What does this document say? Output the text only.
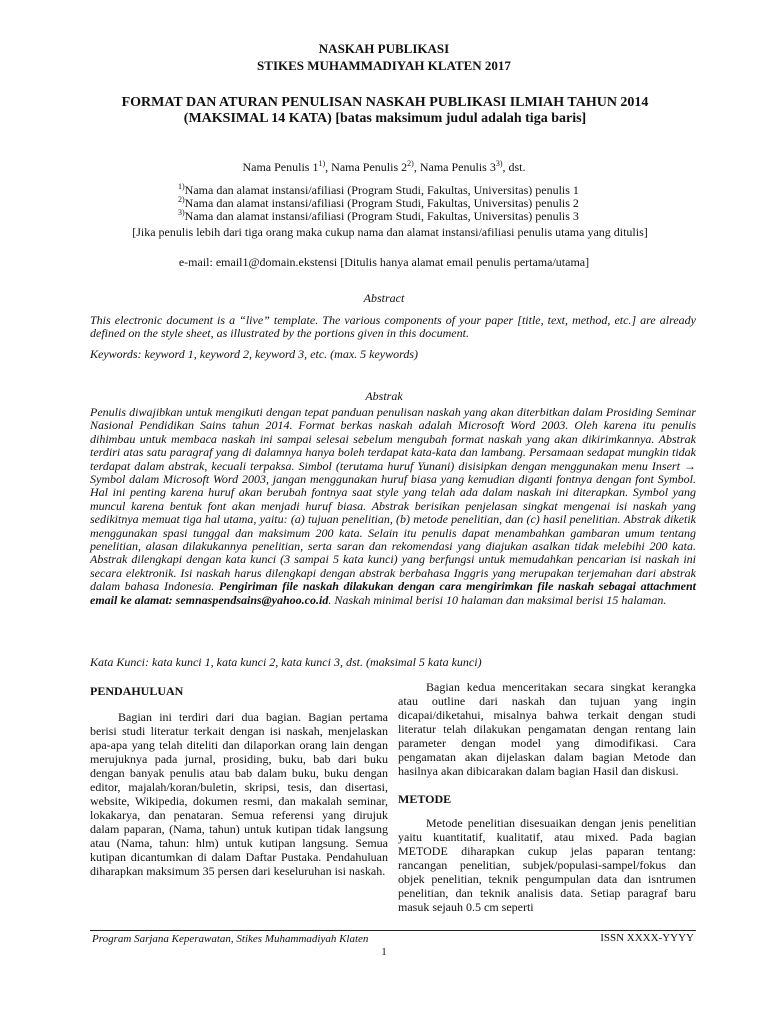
NASKAH PUBLIKASI
STIKES MUHAMMADIYAH KLATEN 2017
FORMAT DAN ATURAN PENULISAN NASKAH PUBLIKASI ILMIAH TAHUN 2014 (MAKSIMAL 14 KATA) [batas maksimum judul adalah tiga baris]
Nama Penulis 1$^{1)}$, Nama Penulis 2$^{2)}$, Nama Penulis 3$^{3)}$, dst.
$^{1)}$Nama dan alamat instansi/afiliasi (Program Studi, Fakultas, Universitas) penulis 1
$^{2)}$Nama dan alamat instansi/afiliasi (Program Studi, Fakultas, Universitas) penulis 2
$^{3)}$Nama dan alamat instansi/afiliasi (Program Studi, Fakultas, Universitas) penulis 3
[Jika penulis lebih dari tiga orang maka cukup nama dan alamat instansi/afiliasi penulis utama yang ditulis]
e-mail: email1@domain.ekstensi [Ditulis hanya alamat email penulis pertama/utama]
Abstract
This electronic document is a “live” template. The various components of your paper [title, text, method, etc.] are already defined on the style sheet, as illustrated by the portions given in this document.
Keywords: keyword 1, keyword 2, keyword 3, etc. (max. 5 keywords)
Abstrak
Penulis diwajibkan untuk mengikuti dengan tepat panduan penulisan naskah yang akan diterbitkan dalam Prosiding Seminar Nasional Pendidikan Sains tahun 2014. Format berkas naskah adalah Microsoft Word 2003. Oleh karena itu penulis dihimbau untuk membaca naskah ini sampai selesai sebelum mengubah format naskah yang akan dikirimkannya. Abstrak terdiri atas satu paragraf yang di dalamnya hanya boleh terdapat kata-kata dan lambang. Persamaan sedapat mungkin tidak terdapat dalam abstrak, kecuali terpaksa. Simbol (terutama huruf Yunani) disisipkan dengan menggunakan menu Insert → Symbol dalam Microsoft Word 2003, jangan menggunakan huruf biasa yang kemudian diganti fontnya dengan font Symbol. Hal ini penting karena huruf akan berubah fontnya saat style yang telah ada dalam naskah ini diterapkan. Symbol yang muncul karena bentuk font akan menjadi huruf biasa. Abstrak berisikan penjelasan singkat mengenai isi naskah yang sedikitnya memuat tiga hal utama, yaitu: (a) tujuan penelitian, (b) metode penelitian, dan (c) hasil penelitian. Abstrak diketik menggunakan spasi tunggal dan maksimum 200 kata. Selain itu penulis dapat menambahkan gambaran umum tentang penelitian, alasan dilakukannya penelitian, serta saran dan rekomendasi yang diajukan asalkan tidak melebihi 200 kata. Abstrak dilengkapi dengan kata kunci (3 sampai 5 kata kunci) yang berfungsi untuk memudahkan pencarian isi naskah ini secara elektronik. Isi naskah harus dilengkapi dengan abstrak berbahasa Inggris yang merupakan terjemahan dari abstrak dalam bahasa Indonesia. Pengiriman file naskah dilakukan dengan cara mengirimkan file naskah sebagai attachment email ke alamat: semnaspendsains@yahoo.co.id. Naskah minimal berisi 10 halaman dan maksimal berisi 15 halaman.
Kata Kunci: kata kunci 1, kata kunci 2, kata kunci 3, dst. (maksimal 5 kata kunci)
PENDAHULUAN

Bagian ini terdiri dari dua bagian. Bagian pertama berisi studi literatur terkait dengan isi naskah, menjelaskan apa-apa yang telah diteliti dan dilaporkan orang lain dengan merujuknya pada jurnal, prosiding, buku, bab dari buku dengan banyak penulis atau bab dalam buku, buku dengan editor, majalah/koran/buletin, skripsi, tesis, dan disertasi, website, Wikipedia, dokumen resmi, dan makalah seminar, lokakarya, dan penataran. Semua referensi yang dirujuk dalam paparan, (Nama, tahun) untuk kutipan tidak langsung atau (Nama, tahun: hlm) untuk kutipan langsung. Semua kutipan dicantumkan di dalam Daftar Pustaka. Pendahuluan diharapkan maksimum 35 persen dari keseluruhan isi naskah.

Bagian kedua menceritakan secara singkat kerangka atau outline dari naskah dan tujuan yang ingin dicapai/diketahui, misalnya bahwa terkait dengan studi literatur telah dilakukan pengamatan dengan rentang lain parameter dengan model yang dimodifikasi. Cara pengamatan akan dijelaskan dalam bagian Metode dan hasilnya akan dibicarakan dalam bagian Hasil dan diskusi.

METODE

Metode penelitian disesuaikan dengan jenis penelitian yaitu kuantitatif, kualitatif, atau mixed. Pada bagian METODE diharapkan cukup jelas paparan tentang: rancangan penelitian, subjek/populasi-sampel/fokus dan objek penelitian, teknik pengumpulan data dan isntrumen penelitian, dan teknik analisis data. Setiap paragraf baru masuk sejauh 0.5 cm seperti

Program Sarjana Keperawatan, Stikes Muhammadiyah Klaten	ISSN XXXX-YYYY
1
